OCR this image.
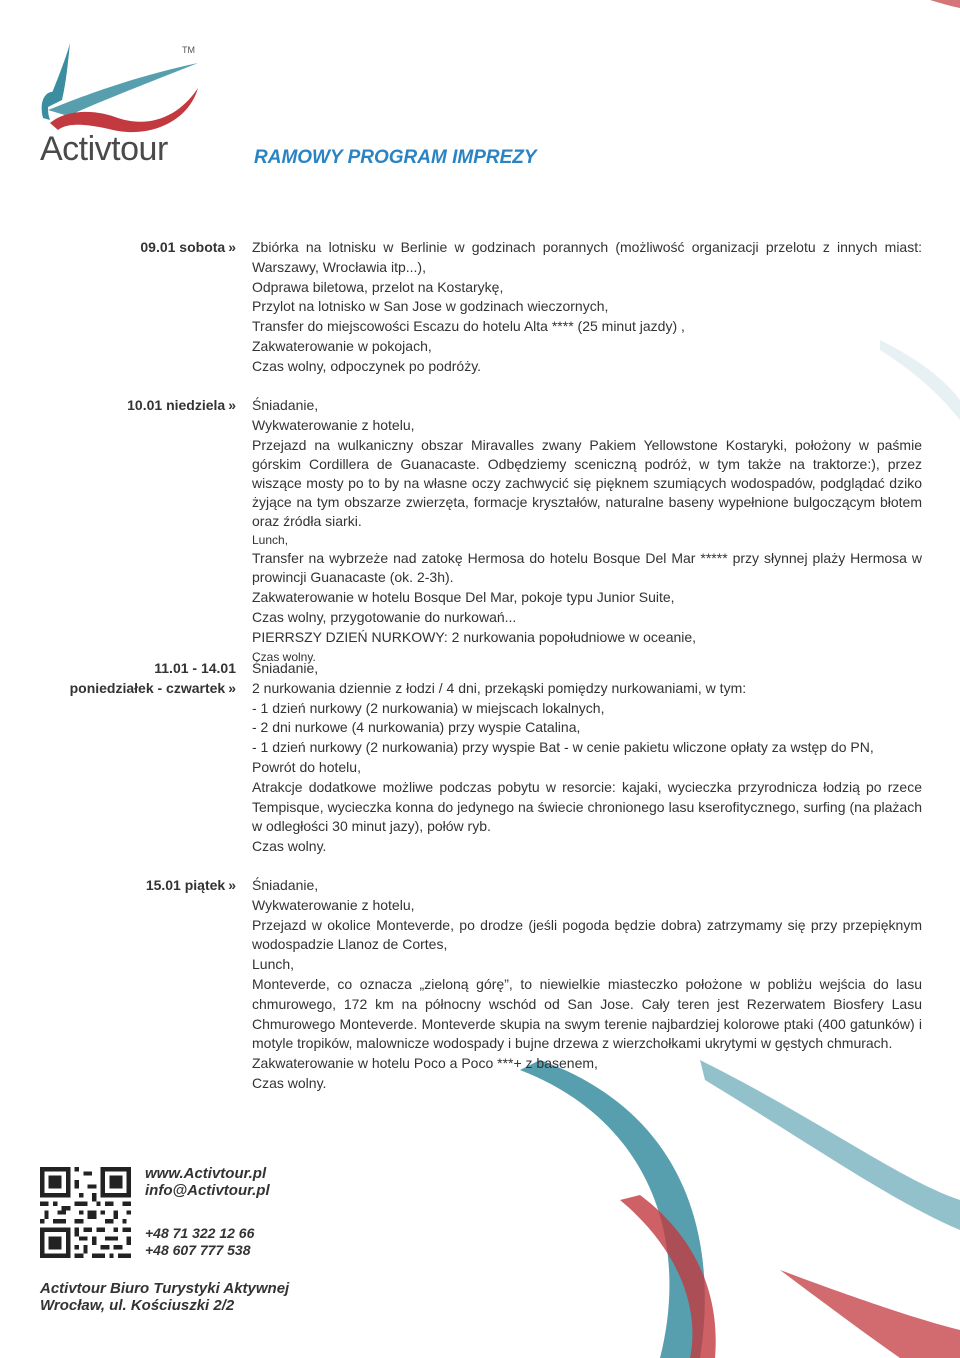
TM
Activtour	RAMOWY PROGRAM IMPREZY
09.01 sobota » Zbiórka na lotnisku w Berlinie w godzinach porannych (możliwość organizacji przelotu z innych miast: Warszawy, Wrocławia itp...),

Odprawa biletowa, przelot na Kostarykę,

Przylot na lotnisko w San Jose w godzinach wieczornych,

Transfer do miejscowości Escazu do hotelu Alta **** (25 minut jazdy) ,

Zakwaterowanie w pokojach,

Czas wolny, odpoczynek po podróży.

10.01 niedziela » Śniadanie,

Wykwaterowanie z hotelu,

Przejazd na wulkaniczny obszar Miravalles zwany Pakiem Yellowstone Kostaryki, położony w paśmie górskim Cordillera de Guanacaste. Odbędziemy sceniczną podróż, w tym także na traktorze:), przez wiszące mosty po to by na własne oczy zachwycić się pięknem szumiących wodospadów, podglądać dziko żyjące na tym obszarze zwierzęta, formacje kryształów, naturalne baseny wypełnione bulgoczącym błotem oraz źródła siarki.

Lunch,

Transfer na wybrzeże nad zatokę Hermosa do hotelu Bosque Del Mar ***** przy słynnej plaży Hermosa w prowincji Guanacaste (ok. 2-3h).

Zakwaterowanie w hotelu Bosque Del Mar, pokoje typu Junior Suite,

Czas wolny, przygotowanie do nurkowań...

PIERRSZY DZIEŃ NURKOWY: 2 nurkowania popołudniowe w oceanie,

Czas wolny.

11.01 - 14.01
poniedziałek - czwartek »

Śniadanie,

2 nurkowania dziennie z łodzi / 4 dni, przekąski pomiędzy nurkowaniami, w tym:

- 1 dzień nurkowy (2 nurkowania) w miejscach lokalnych,

- 2 dni nurkowe (4 nurkowania) przy wyspie Catalina,

- 1 dzień nurkowy (2 nurkowania) przy wyspie Bat - w cenie pakietu wliczone opłaty za wstęp do PN,

Powrót do hotelu,

Atrakcje dodatkowe możliwe podczas pobytu w resorcie: kajaki, wycieczka przyrodnicza łodzią po rzece Tempisque, wycieczka konna do jedynego na świecie chronionego lasu kserofitycznego, surfing (na plażach w odległości 30 minut jazy), połów ryb.

Czas wolny.

15.01 piątek » Śniadanie,

Wykwaterowanie z hotelu,

Przejazd w okolice Monteverde, po drodze (jeśli pogoda będzie dobra) zatrzymamy się przy przepięknym wodospadzie Llanoz de Cortes,

Lunch,

Monteverde, co oznacza „zieloną górę”, to niewielkie miasteczko położone w pobliżu wejścia do lasu chmurowego, 172 km na północny wschód od San Jose. Cały teren jest Rezerwatem Biosfery Lasu Chmurowego Monteverde. Monteverde skupia na swym terenie najbardziej kolorowe ptaki (400 gatunków) i motyle tropików, malownicze wodospady i bujne drzewa z wierzchołkami ukrytymi w gęstych chmurach.

Zakwaterowanie w hotelu Poco a Poco ***+ z basenem,

Czas wolny.

www.Activtour.pl
info@Activtour.pl
+48 71 322 12 66
+48 607 777 538
Activtour Biuro Turystyki Aktywnej
Wrocław, ul. Kościuszki 2/2
